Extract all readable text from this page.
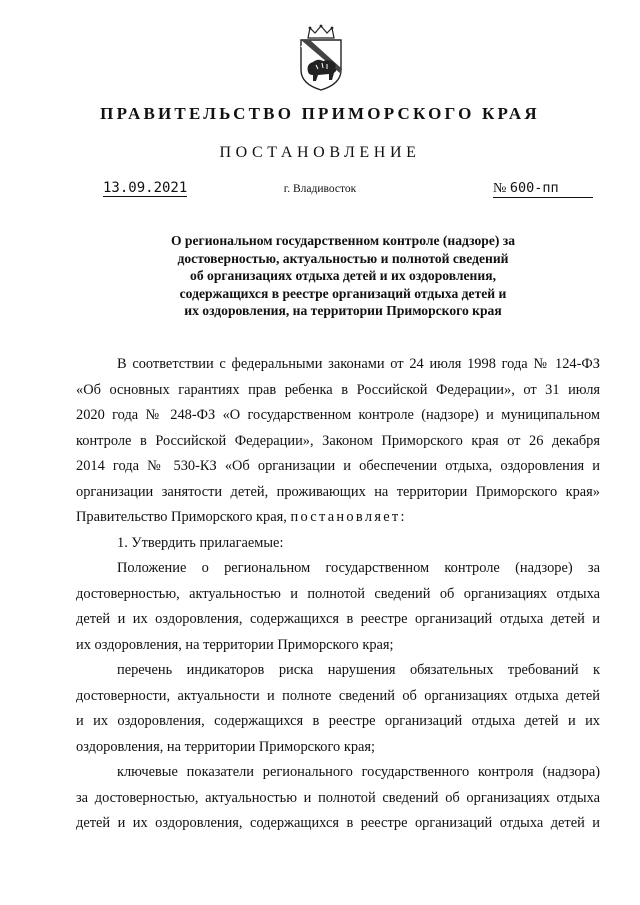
ПРАВИТЕЛЬСТВО ПРИМОРСКОГО КРАЯ
ПОСТАНОВЛЕНИЕ
13.09.2021	г. Владивосток	№ 600-пп
О региональном государственном контроле (надзоре) за
достоверностью, актуальностью и полнотой сведений
об организациях отдыха детей и их оздоровления,
содержащихся в реестре организаций отдыха детей и
их оздоровления, на территории Приморского края
В соответствии с федеральными законами от 24 июля 1998 года № 124-ФЗ
«Об основных гарантиях прав ребенка в Российской Федерации», от 31 июля
2020 года № 248-ФЗ «О государственном контроле (надзоре) и муниципальном
контроле в Российской Федерации», Законом Приморского края от 26 декабря
2014 года № 530-КЗ «Об организации и обеспечении отдыха, оздоровления и
организации занятости детей, проживающих на территории Приморского края»
Правительство Приморского края, постановляет:
1. Утвердить прилагаемые:
Положение о региональном государственном контроле (надзоре) за
достоверностью, актуальностью и полнотой сведений об организациях отдыха
детей и их оздоровления, содержащихся в реестре организаций отдыха детей и
их оздоровления, на территории Приморского края;
перечень индикаторов риска нарушения обязательных требований к
достоверности, актуальности и полноте сведений об организациях отдыха детей
и их оздоровления, содержащихся в реестре организаций отдыха детей и их
оздоровления, на территории Приморского края;
ключевые показатели регионального государственного контроля (надзора)
за достоверностью, актуальностью и полнотой сведений об организациях отдыха
детей и их оздоровления, содержащихся в реестре организаций отдыха детей и
